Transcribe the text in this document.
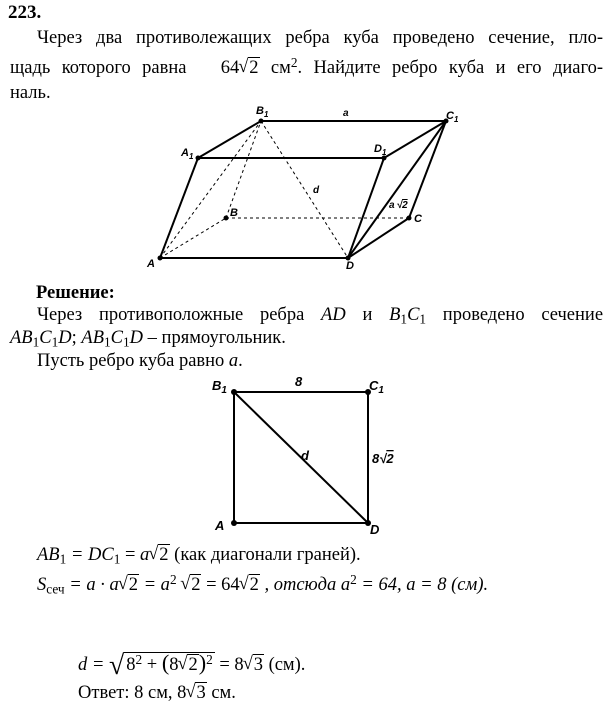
223.
Через два противолежащих ребра куба проведено сечение, пло-
щадь которого равна 64 √ 2 $см^2$. Найдите ребро куба и его диаго-
наль.
$B_1$	$C_1$
$A_1$
$D_1$
A
B	C
D
a
d
a √2
$B_1$	$C_1$
A	D
8
d	8√2
Решение:
Через противоположные ребра AD и $B_1C_1$ проведено сечение
$AB_1C_1D$; $AB_1C_1D$ – прямоугольник.
Пусть ребро куба равно a.
$AB_1 = DC_1 = a$ √ 2 (как диагонали граней).
$S_{сеч} = a \cdot a$ √ $2 = a^2$ √ 2 = 64 √ 2 , отсюда $a^2 = 64$, a = 8 (см).
d = √ $8^2 + (8$ √ 2)$^2$ = 8 √ 3 (см).
Ответ: 8 см, 8 √ 3 см.
